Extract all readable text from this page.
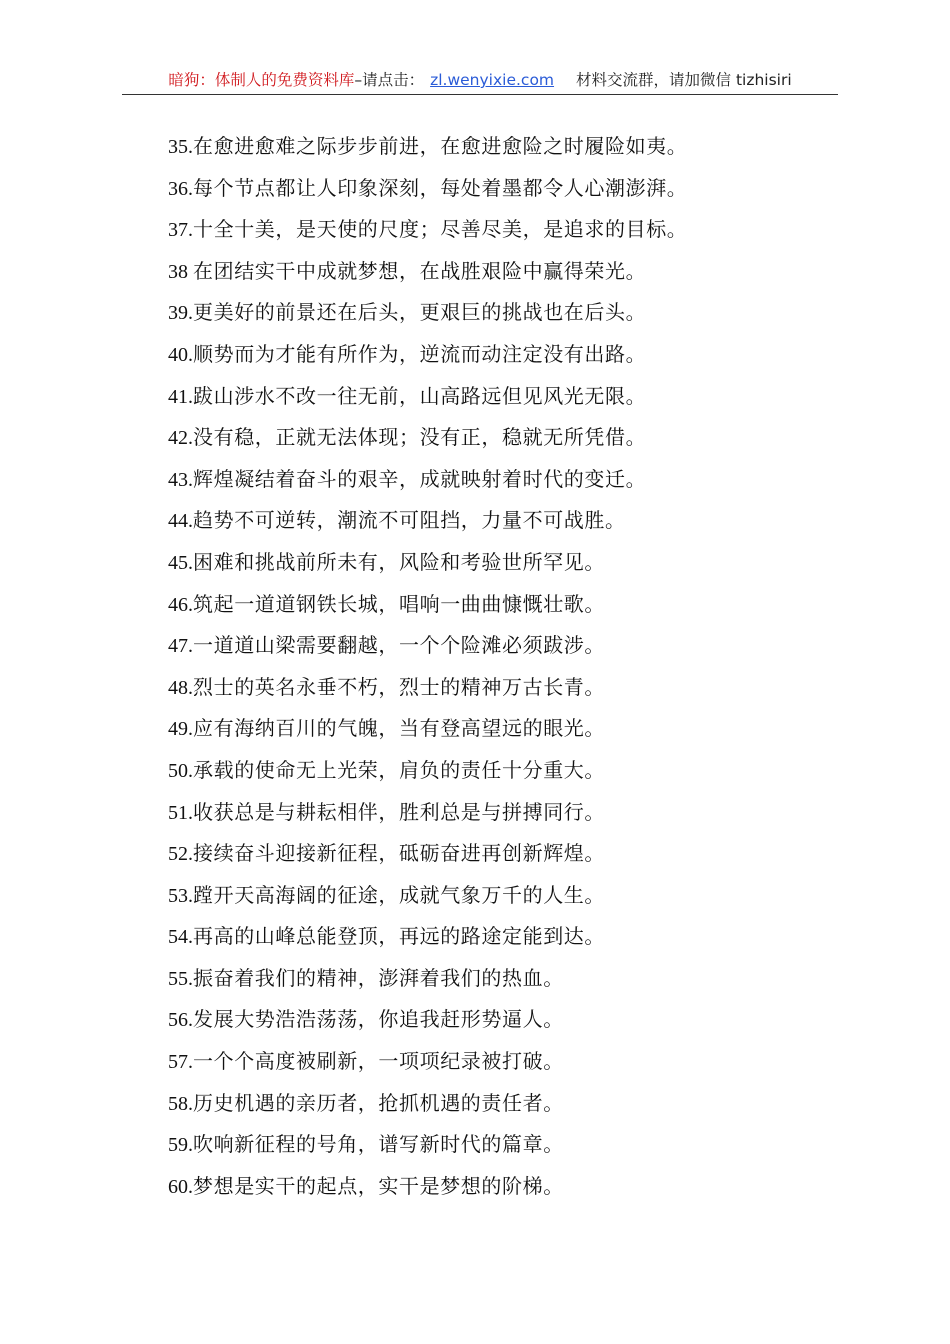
暗狗：体制人的免费资料库–请点击： zl.wenyixie.com 材料交流群，请加微信 tizhisiri
35.在愈进愈难之际步步前进，在愈进愈险之时履险如夷。
36.每个节点都让人印象深刻，每处着墨都令人心潮澎湃。
37.十全十美，是天使的尺度；尽善尽美，是追求的目标。
38 在团结实干中成就梦想，在战胜艰险中赢得荣光。
39.更美好的前景还在后头，更艰巨的挑战也在后头。
40.顺势而为才能有所作为，逆流而动注定没有出路。
41.跋山涉水不改一往无前，山高路远但见风光无限。
42.没有稳，正就无法体现；没有正，稳就无所凭借。
43.辉煌凝结着奋斗的艰辛，成就映射着时代的变迁。
44.趋势不可逆转，潮流不可阻挡，力量不可战胜。
45.困难和挑战前所未有，风险和考验世所罕见。
46.筑起一道道钢铁长城，唱响一曲曲慷慨壮歌。
47.一道道山梁需要翻越，一个个险滩必须跋涉。
48.烈士的英名永垂不朽，烈士的精神万古长青。
49.应有海纳百川的气魄，当有登高望远的眼光。
50.承载的使命无上光荣，肩负的责任十分重大。
51.收获总是与耕耘相伴，胜利总是与拼搏同行。
52.接续奋斗迎接新征程，砥砺奋进再创新辉煌。
53.蹚开天高海阔的征途，成就气象万千的人生。
54.再高的山峰总能登顶，再远的路途定能到达。
55.振奋着我们的精神，澎湃着我们的热血。
56.发展大势浩浩荡荡，你追我赶形势逼人。
57.一个个高度被刷新，一项项纪录被打破。
58.历史机遇的亲历者，抢抓机遇的责任者。
59.吹响新征程的号角，谱写新时代的篇章。
60.梦想是实干的起点，实干是梦想的阶梯。
